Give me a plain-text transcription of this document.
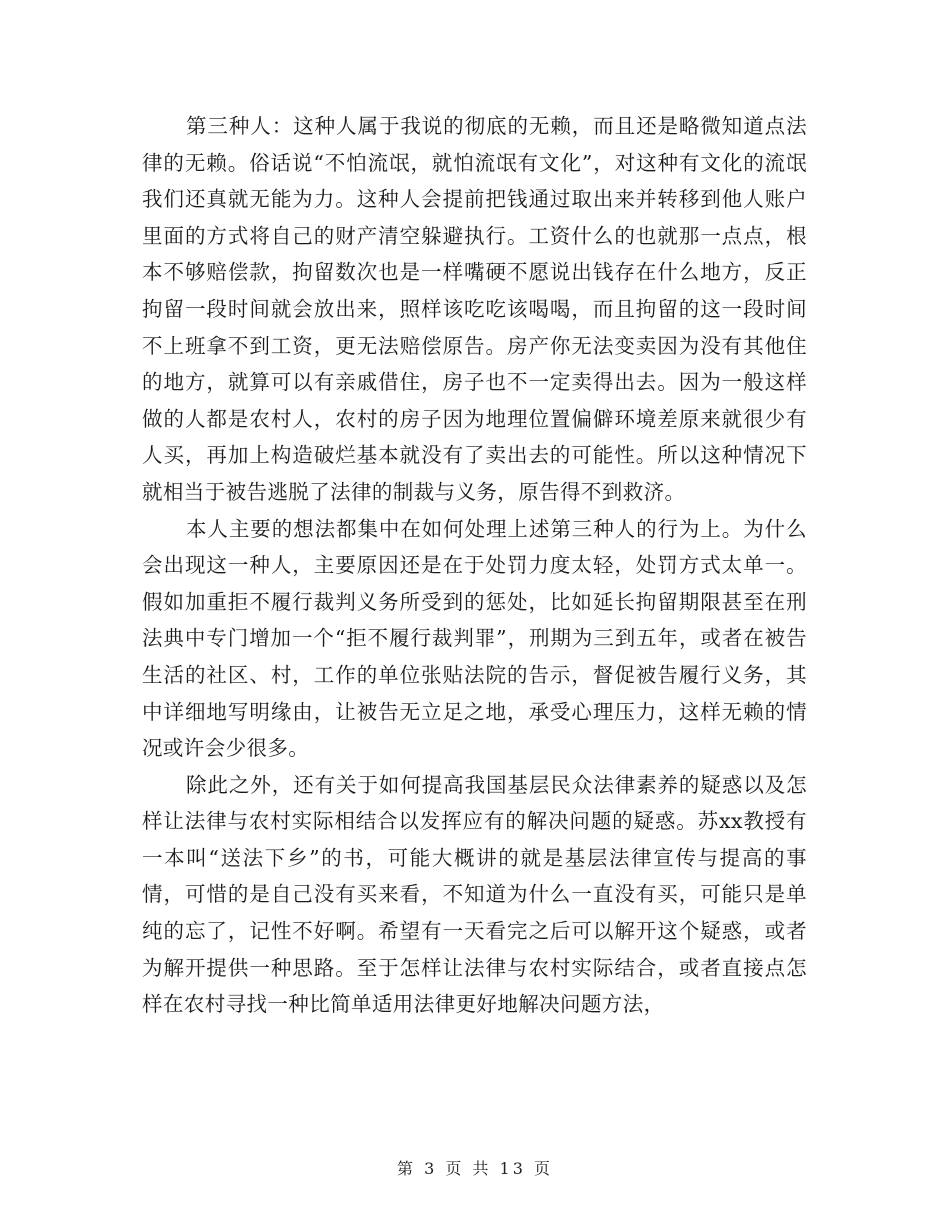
第三种人：这种人属于我说的彻底的无赖，而且还是略微知道点法律的无赖。俗话说“不怕流氓，就怕流氓有文化”，对这种有文化的流氓我们还真就无能为力。这种人会提前把钱通过取出来并转移到他人账户里面的方式将自己的财产清空躲避执行。工资什么的也就那一点点，根本不够赔偿款，拘留数次也是一样嘴硬不愿说出钱存在什么地方，反正拘留一段时间就会放出来，照样该吃吃该喝喝，而且拘留的这一段时间不上班拿不到工资，更无法赔偿原告。房产你无法变卖因为没有其他住的地方，就算可以有亲戚借住，房子也不一定卖得出去。因为一般这样做的人都是农村人，农村的房子因为地理位置偏僻环境差原来就很少有人买，再加上构造破烂基本就没有了卖出去的可能性。所以这种情况下就相当于被告逃脱了法律的制裁与义务，原告得不到救济。

本人主要的想法都集中在如何处理上述第三种人的行为上。为什么会出现这一种人，主要原因还是在于处罚力度太轻，处罚方式太单一。假如加重拒不履行裁判义务所受到的惩处，比如延长拘留期限甚至在刑法典中专门增加一个“拒不履行裁判罪”，刑期为三到五年，或者在被告生活的社区、村，工作的单位张贴法院的告示，督促被告履行义务，其中详细地写明缘由，让被告无立足之地，承受心理压力，这样无赖的情况或许会少很多。

除此之外，还有关于如何提高我国基层民众法律素养的疑惑以及怎样让法律与农村实际相结合以发挥应有的解决问题的疑惑。苏xx教授有一本叫“送法下乡”的书，可能大概讲的就是基层法律宣传与提高的事情，可惜的是自己没有买来看，不知道为什么一直没有买，可能只是单纯的忘了，记性不好啊。希望有一天看完之后可以解开这个疑惑，或者为解开提供一种思路。至于怎样让法律与农村实际结合，或者直接点怎样在农村寻找一种比简单适用法律更好地解决问题方法，

第 3 页 共 13 页
